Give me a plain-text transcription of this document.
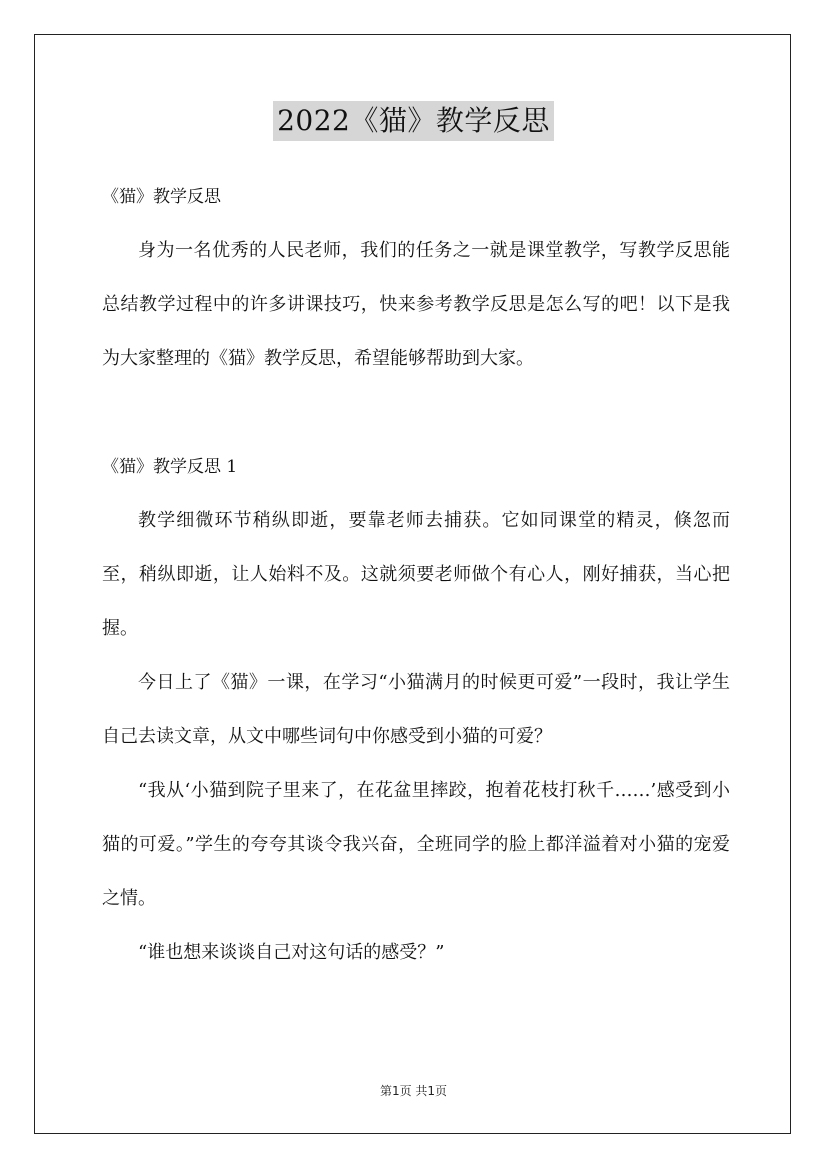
2022《猫》教学反思

《猫》教学反思

身为一名优秀的人民老师，我们的任务之一就是课堂教学，写教学反思能总结教学过程中的许多讲课技巧，快来参考教学反思是怎么写的吧！以下是我为大家整理的《猫》教学反思，希望能够帮助到大家。

《猫》教学反思 1

教学细微环节稍纵即逝，要靠老师去捕获。它如同课堂的精灵，倏忽而至，稍纵即逝，让人始料不及。这就须要老师做个有心人，刚好捕获，当心把握。

今日上了《猫》一课，在学习“小猫满月的时候更可爱”一段时，我让学生自己去读文章，从文中哪些词句中你感受到小猫的可爱？

“我从‘小猫到院子里来了，在花盆里摔跤，抱着花枝打秋千……’感受到小猫的可爱。”学生的夸夸其谈令我兴奋，全班同学的脸上都洋溢着对小猫的宠爱之情。

“谁也想来谈谈自己对这句话的感受？”

第1页 共1页
